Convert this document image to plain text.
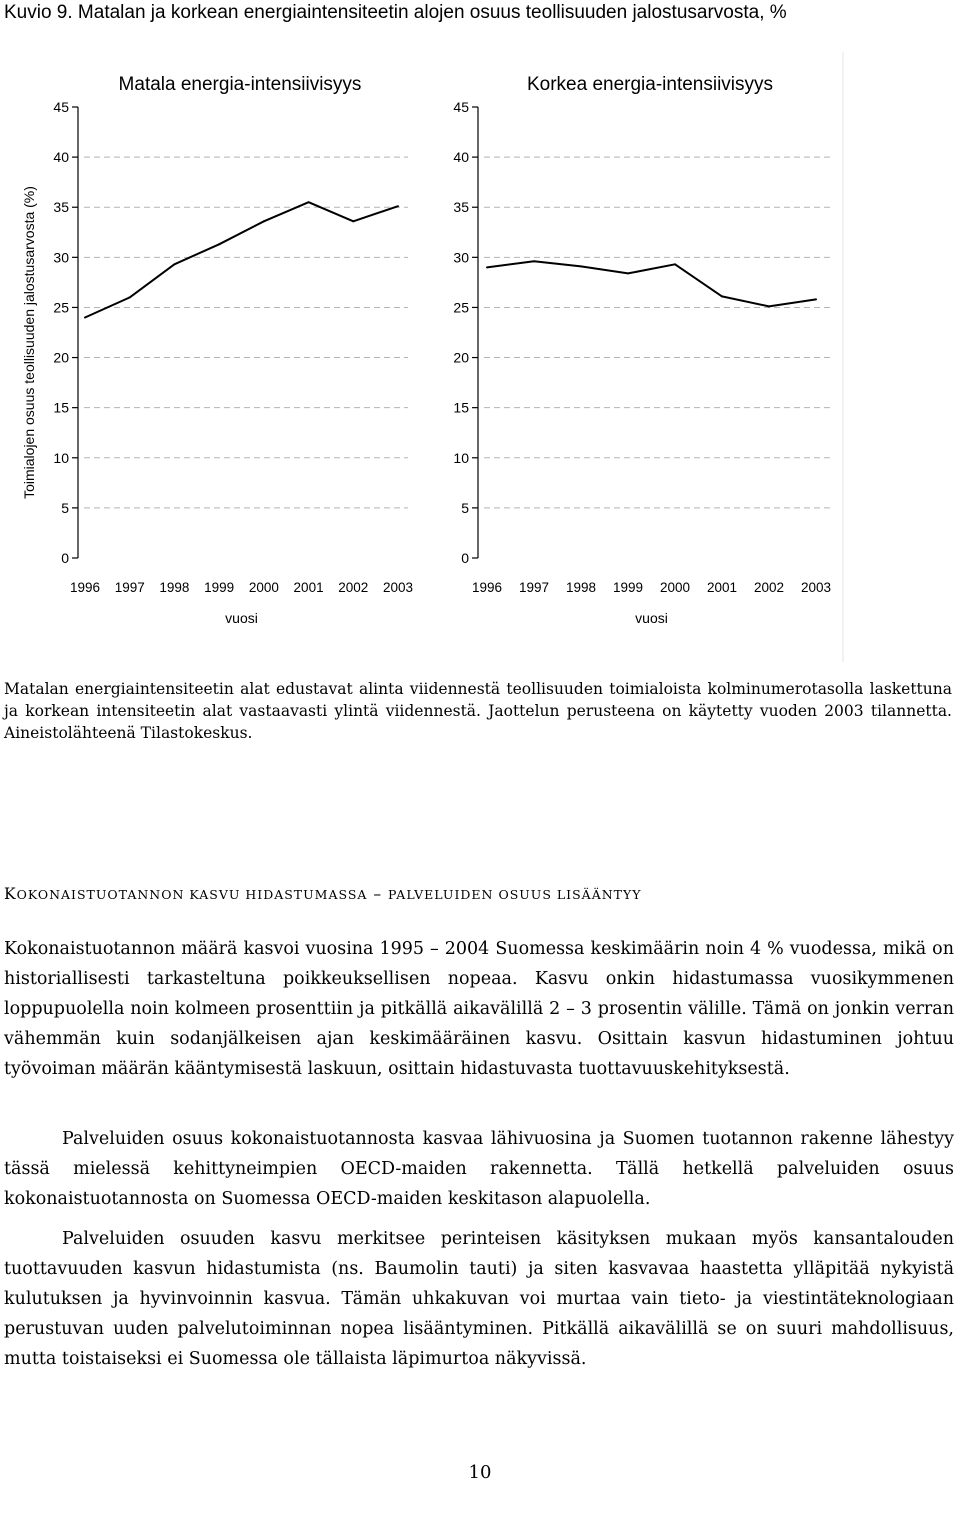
Kuvio 9. Matalan ja korkean energiaintensiteetin alojen osuus teollisuuden jalostusarvosta, %
0
5
10
15
20
25
30
35
40
45
1996 1997 1998 1999 2000 2001 2002 2003
vuosi
Matala energia-intensiivisyys
Toimialojen osuus teollisuuden jalostusarvosta (%)
0
5
10
15
20
25
30
35
40
45
1996 1997 1998 1999 2000 2001 2002 2003
vuosi
Korkea energia-intensiivisyys
Matalan energiaintensiteetin alat edustavat alinta viidennestä teollisuuden toimialoista kolminumerotasolla laskettuna ja korkean intensiteetin alat vastaavasti ylintä viidennestä. Jaottelun perusteena on käytetty vuoden 2003 tilannetta. Aineistolähteenä Tilastokeskus.
KOKONAISTUOTANNON KASVU HIDASTUMASSA – PALVELUIDEN OSUUS LISÄÄNTYY

Kokonaistuotannon määrä kasvoi vuosina 1995 – 2004 Suomessa keskimäärin noin 4 % vuodessa, mikä on historiallisesti tarkasteltuna poikkeuksellisen nopeaa. Kasvu onkin hidastumassa vuosikymmenen loppupuolella noin kolmeen prosenttiin ja pitkällä aikavälillä 2 – 3 prosentin välille. Tämä on jonkin verran vähemmän kuin sodanjälkeisen ajan keskimääräinen kasvu. Osittain kasvun hidastuminen johtuu työvoiman määrän kääntymisestä laskuun, osittain hidastuvasta tuottavuuskehityksestä.

Palveluiden osuus kokonaistuotannosta kasvaa lähivuosina ja Suomen tuotannon rakenne lähestyy tässä mielessä kehittyneimpien OECD-maiden rakennetta. Tällä hetkellä palveluiden osuus kokonaistuotannosta on Suomessa OECD-maiden keskitason alapuolella.

Palveluiden osuuden kasvu merkitsee perinteisen käsityksen mukaan myös kansantalouden tuottavuuden kasvun hidastumista (ns. Baumolin tauti) ja siten kasvavaa haastetta ylläpitää nykyistä kulutuksen ja hyvinvoinnin kasvua. Tämän uhkakuvan voi murtaa vain tieto- ja viestintäteknologiaan perustuvan uuden palvelutoiminnan nopea lisääntyminen. Pitkällä aikavälillä se on suuri mahdollisuus, mutta toistaiseksi ei Suomessa ole tällaista läpimurtoa näkyvissä.

10
